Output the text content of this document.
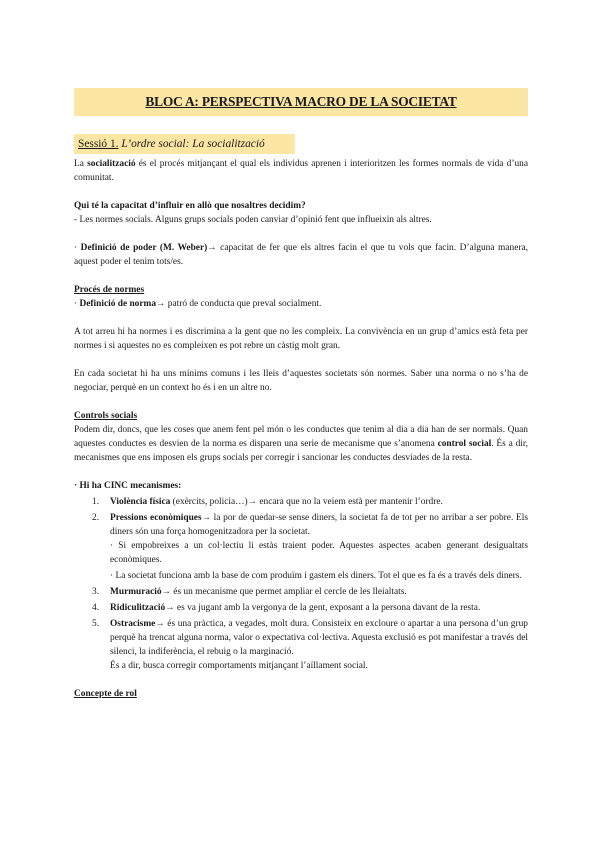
BLOC A: PERSPECTIVA MACRO DE LA SOCIETAT
Sessió 1. L’ordre social: La socialització

La socialització és el procés mitjançant el qual els individus aprenen i interioritzen les formes normals de vida d’una comunitat.

Qui té la capacitat d’influir en allò que nosaltres decidim?

- Les normes socials. Alguns grups socials poden canviar d’opinió fent que influeixin als altres.

· Definició de poder (M. Weber)→ capacitat de fer que els altres facin el que tu vols que facin. D’alguna manera, aquest poder el tenim tots/es.

Procés de normes

· Definició de norma→ patró de conducta que preval socialment.

A tot arreu hi ha normes i es discrimina a la gent que no les compleix. La convivència en un grup d’amics està feta per normes i si aquestes no es compleixen es pot rebre un càstig molt gran.

En cada societat hi ha uns mínims comuns i les lleis d’aquestes societats són normes. Saber una norma o no s’ha de negociar, perquè en un context ho és i en un altre no.

Controls socials

Podem dir, doncs, que les coses que anem fent pel món o les conductes que tenim al dia a dia han de ser normals. Quan aquestes conductes es desvien de la norma es disparen una serie de mecanisme que s’anomena control social. És a dir, mecanismes que ens imposen els grups socials per corregir i sancionar les conductes desviades de la resta.

· Hi ha CINC mecanismes:

1. Violència física (exèrcits, policia…)→ encara que no la veiem està per mantenir l’ordre.
2. Pressions econòmiques→ la por de quedar-se sense diners, la societat fa de tot per no arribar a ser pobre. Els diners són una força homogenitzadora per la societat.

· Si empobreixes a un col·lectiu li estàs traient poder. Aquestes aspectes acaben generant desigualtats econòmiques.

· La societat funciona amb la base de com produïm i gastem els diners. Tot el que es fa és a través dels diners.

3. Murmuració→ és un mecanisme que permet ampliar el cercle de les lleialtats.
4. Ridiculització→ es va jugant amb la vergonya de la gent, exposant a la persona davant de la resta.
5. Ostracisme→ és una pràctica, a vegades, molt dura. Consisteix en excloure o apartar a una persona d’un grup perquè ha trencat alguna norma, valor o expectativa col·lectiva. Aquesta exclusió es pot manifestar a través del silenci, la indiferència, el rebuig o la marginació.

És a dir, busca corregir comportaments mitjançant l’aïllament social.

Concepte de rol
